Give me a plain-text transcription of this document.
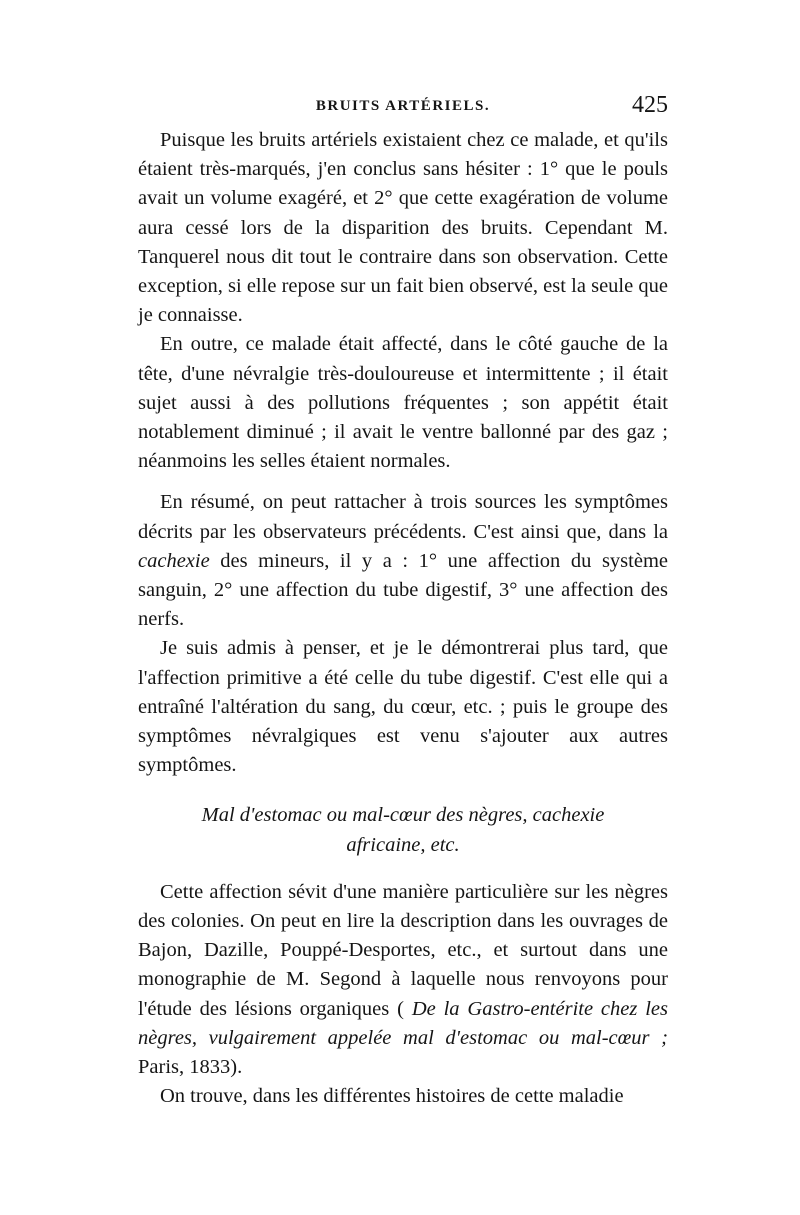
BRUITS ARTÉRIELS.	425

Puisque les bruits artériels existaient chez ce malade, et qu'ils étaient très-marqués, j'en conclus sans hésiter : 1° que le pouls avait un volume exagéré, et 2° que cette exagération de volume aura cessé lors de la disparition des bruits. Cependant M. Tanquerel nous dit tout le contraire dans son observation. Cette exception, si elle repose sur un fait bien observé, est la seule que je connaisse.

En outre, ce malade était affecté, dans le côté gauche de la tête, d'une névralgie très-douloureuse et intermittente ; il était sujet aussi à des pollutions fréquentes ; son appétit était notablement diminué ; il avait le ventre ballonné par des gaz ; néanmoins les selles étaient normales.

En résumé, on peut rattacher à trois sources les symptômes décrits par les observateurs précédents. C'est ainsi que, dans la cachexie des mineurs, il y a : 1° une affection du système sanguin, 2° une affection du tube digestif, 3° une affection des nerfs.

Je suis admis à penser, et je le démontrerai plus tard, que l'affection primitive a été celle du tube digestif. C'est elle qui a entraîné l'altération du sang, du cœur, etc. ; puis le groupe des symptômes névralgiques est venu s'ajouter aux autres symptômes.

Mal d'estomac ou mal-cœur des nègres, cachexie
africaine, etc.

Cette affection sévit d'une manière particulière sur les nègres des colonies. On peut en lire la description dans les ouvrages de Bajon, Dazille, Pouppé-Desportes, etc., et surtout dans une monographie de M. Segond à laquelle nous renvoyons pour l'étude des lésions organiques ( De la Gastro-entérite chez les nègres, vulgairement appelée mal d'estomac ou mal-cœur ; Paris, 1833).

On trouve, dans les différentes histoires de cette maladie
